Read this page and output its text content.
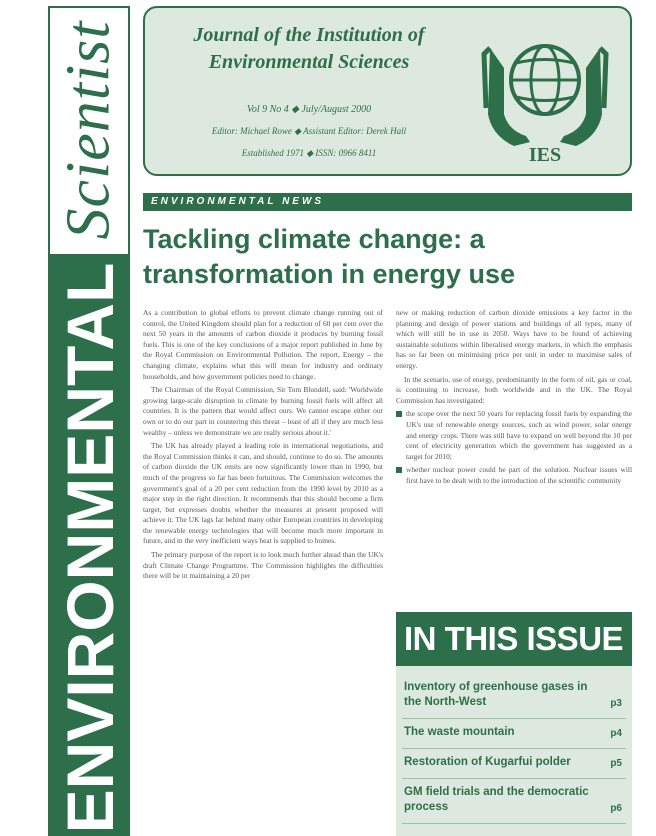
Scientist
ENVIRONMENTAL
Journal of the Institution of Environmental Sciences
Vol 9 No 4 ◆ July/August 2000
Editor: Michael Rowe ◆ Assistant Editor: Derek Hall
Established 1971 ◆ ISSN: 0966 8411	IES
ENVIRONMENTAL NEWS
Tackling climate change: a transformation in energy use

As a contribution to global efforts to prevent climate change running out of control, the United Kingdom should plan for a reduction of 60 per cent over the next 50 years in the amounts of carbon dioxide it produces by burning fossil fuels. This is one of the key conclusions of a major report published in June by the Royal Commission on Environmental Pollution. The report, Energy – the changing climate, explains what this will mean for industry and ordinary households, and how government policies need to change.

The Chairman of the Royal Commission, Sir Tom Blundell, said: 'Worldwide growing large-scale disruption to climate by burning fossil fuels will affect all countries. It is the pattern that would affect ours. We cannot escape either our own or to do our part in countering this threat – least of all if they are much less wealthy – unless we demonstrate we are really serious about it.'

The UK has already played a leading role in international negotiations, and the Royal Commission thinks it can, and should, continue to do so. The amounts of carbon dioxide the UK emits are now significantly lower than in 1990, but much of the progress so far has been fortuitous. The Commission welcomes the government's goal of a 20 per cent reduction from the 1990 level by 2010 as a major step in the right direction. It recommends that this should become a firm target, but expresses doubts whether the measures at present proposed will achieve it. The UK lags far behind many other European countries in developing the renewable energy technologies that will become much more important in future, and in the very inefficient ways heat is supplied to homes.

The primary purpose of the report is to look much further ahead than the UK's draft Climate Change Programme. The Commission highlights the difficulties there will be in maintaining a 20 per

new or making reduction of carbon dioxide emissions a key factor in the planning and design of power stations and buildings of all types, many of which will still be in use in 2050. Ways have to be found of achieving sustainable solutions within liberalised energy markets, in which the emphasis has so far been on minimising price per unit in order to maximise sales of energy.

In the scenario, use of energy, predominantly in the form of oil, gas or coal, is continuing to increase, both worldwide and in the UK. The Royal Commission has investigated:

the scope over the next 50 years for replacing fossil fuels by expanding the UK's use of renewable energy sources, such as wind power, solar energy and energy crops. There was still have to expand on well beyond the 10 per cent of electricity generation which the government has suggested as a target for 2010;
whether nuclear power could be part of the solution. Nuclear issues will first have to be dealt with to the introduction of the scientific community
IN THIS ISSUE
Inventory of greenhouse gases in the North-West	p3
The waste mountain	p4
Restoration of Kugarfui polder	p5
GM field trials and the democratic process	p6
